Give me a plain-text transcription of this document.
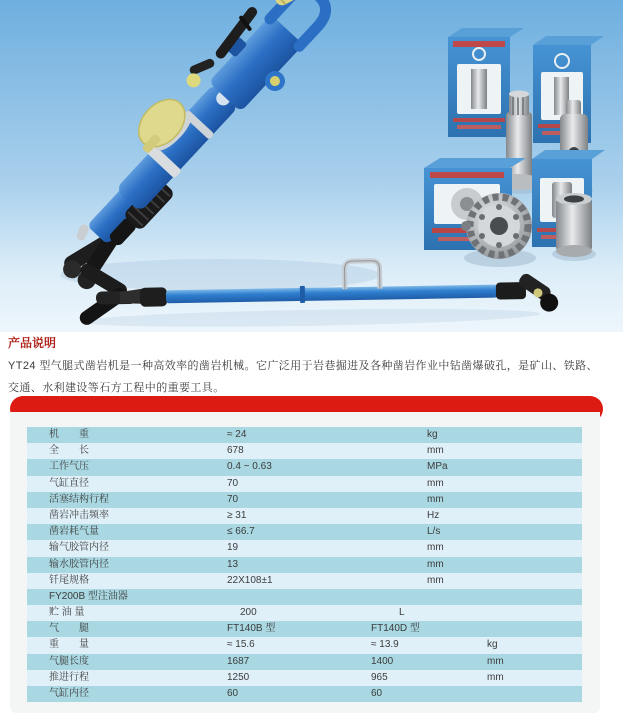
产品说明

YT24 型气腿式凿岩机是一种高效率的凿岩机械。它广泛用于岩巷掘进及各种凿岩作业中钻凿爆破孔，是矿山、铁路、

交通、水利建设等石方工程中的重要工具。

机　　重	≈ 24	kg
全　　长	678	mm
工作气压	0.4 ~ 0.63	MPa
气缸直径	70	mm
活塞结构行程	70	mm
凿岩冲击频率	≥ 31	Hz
凿岩耗气量	≤ 66.7	L/s
输气胶管内径	19	mm
输水胶管内径	13	mm
钎尾规格	22X108±1	mm
FY200B 型注油器
贮 油 量	200	L
气　　腿	FT140B 型	FT140D 型
重　　量	≈ 15.6	≈ 13.9	kg
气腿长度	1687	1400	mm
推进行程	1250	965	mm
气缸内径	60	60
